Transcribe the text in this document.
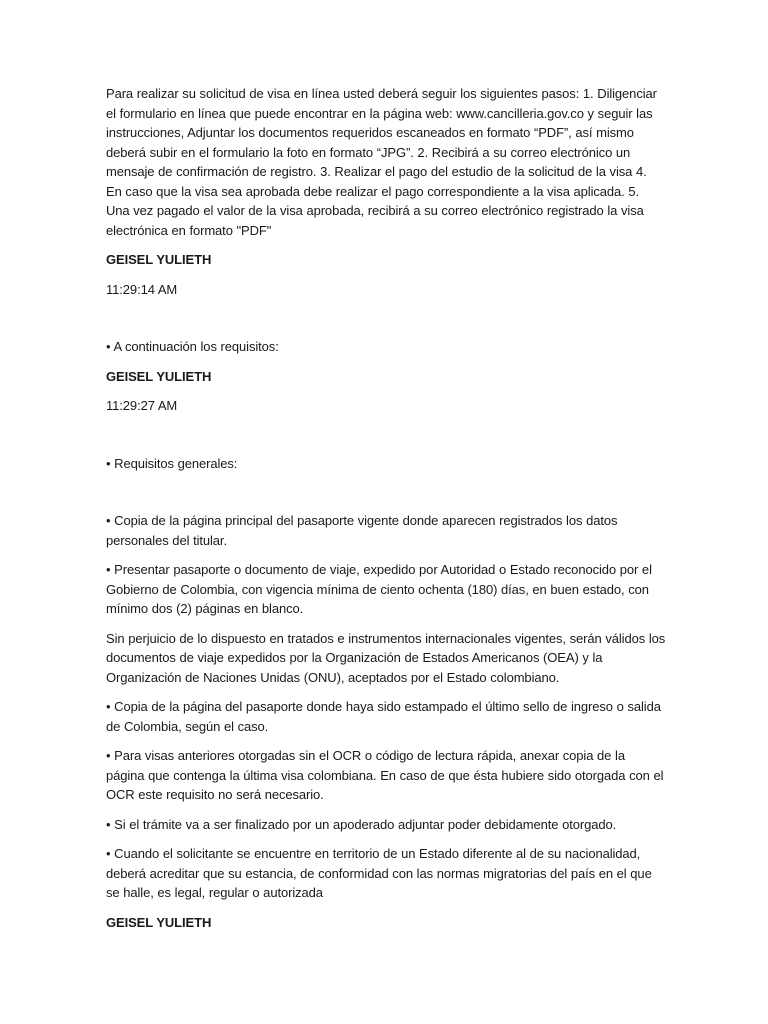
Para realizar su solicitud de visa en línea usted deberá seguir los siguientes pasos: 1. Diligenciar el formulario en línea que puede encontrar en la página web: www.cancilleria.gov.co y seguir las instrucciones, Adjuntar los documentos requeridos escaneados en formato “PDF”, así mismo deberá subir en el formulario la foto en formato “JPG”. 2. Recibirá a su correo electrónico un mensaje de confirmación de registro. 3. Realizar el pago del estudio de la solicitud de la visa 4. En caso que la visa sea aprobada debe realizar el pago correspondiente a la visa aplicada. 5. Una vez pagado el valor de la visa aprobada, recibirá a su correo electrónico registrado la visa electrónica en formato "PDF"

GEISEL YULIETH

11:29:14 AM

• A continuación los requisitos:

GEISEL YULIETH

11:29:27 AM

• Requisitos generales:

• Copia de la página principal del pasaporte vigente donde aparecen registrados los datos personales del titular.

• Presentar pasaporte o documento de viaje, expedido por Autoridad o Estado reconocido por el Gobierno de Colombia, con vigencia mínima de ciento ochenta (180) días, en buen estado, con mínimo dos (2) páginas en blanco.

Sin perjuicio de lo dispuesto en tratados e instrumentos internacionales vigentes, serán válidos los documentos de viaje expedidos por la Organización de Estados Americanos (OEA) y la Organización de Naciones Unidas (ONU), aceptados por el Estado colombiano.

• Copia de la página del pasaporte donde haya sido estampado el último sello de ingreso o salida de Colombia, según el caso.

• Para visas anteriores otorgadas sin el OCR o código de lectura rápida, anexar copia de la página que contenga la última visa colombiana. En caso de que ésta hubiere sido otorgada con el OCR este requisito no será necesario.

• Si el trámite va a ser finalizado por un apoderado adjuntar poder debidamente otorgado.

• Cuando el solicitante se encuentre en territorio de un Estado diferente al de su nacionalidad, deberá acreditar que su estancia, de conformidad con las normas migratorias del país en el que se halle, es legal, regular o autorizada

GEISEL YULIETH
